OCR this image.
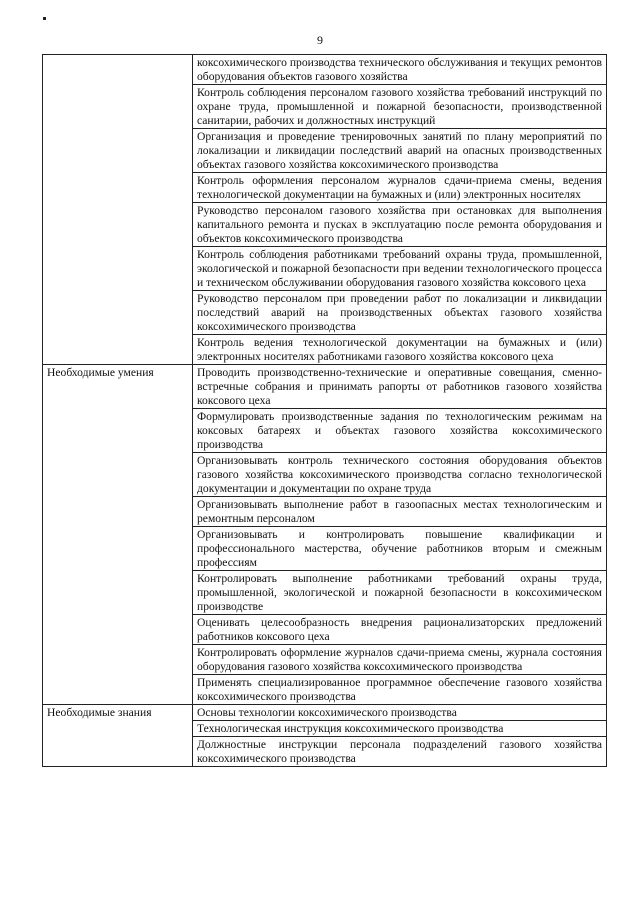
9
	коксохимического производства технического обслуживания и текущих ремонтов оборудования объектов газового хозяйства
	Контроль соблюдения персоналом газового хозяйства требований инструкций по охране труда, промышленной и пожарной безопасности, производственной санитарии, рабочих и должностных инструкций
	Организация и проведение тренировочных занятий по плану мероприятий по локализации и ликвидации последствий аварий на опасных производственных объектах газового хозяйства коксохимического производства
	Контроль оформления персоналом журналов сдачи-приема смены, ведения технологической документации на бумажных и (или) электронных носителях
	Руководство персоналом газового хозяйства при остановках для выполнения капитального ремонта и пусках в эксплуатацию после ремонта оборудования и объектов коксохимического производства
	Контроль соблюдения работниками требований охраны труда, промышленной, экологической и пожарной безопасности при ведении технологического процесса и техническом обслуживании оборудования газового хозяйства коксового цеха
	Руководство персоналом при проведении работ по локализации и ликвидации последствий аварий на производственных объектах газового хозяйства коксохимического производства
	Контроль ведения технологической документации на бумажных и (или) электронных носителях работниками газового хозяйства коксового цеха
Необходимые умения	Проводить производственно-технические и оперативные совещания, сменно-встречные собрания и принимать рапорты от работников газового хозяйства коксового цеха
	Формулировать производственные задания по технологическим режимам на коксовых батареях и объектах газового хозяйства коксохимического производства
	Организовывать контроль технического состояния оборудования объектов газового хозяйства коксохимического производства согласно технологической документации и документации по охране труда
	Организовывать выполнение работ в газоопасных местах технологическим и ремонтным персоналом
	Организовывать и контролировать повышение квалификации и профессионального мастерства, обучение работников вторым и смежным профессиям
	Контролировать выполнение работниками требований охраны труда, промышленной, экологической и пожарной безопасности в коксохимическом производстве
	Оценивать целесообразность внедрения рационализаторских предложений работников коксового цеха
	Контролировать оформление журналов сдачи-приема смены, журнала состояния оборудования газового хозяйства коксохимического производства
	Применять специализированное программное обеспечение газового хозяйства коксохимического производства
Необходимые знания	Основы технологии коксохимического производства
	Технологическая инструкция коксохимического производства
	Должностные инструкции персонала подразделений газового хозяйства коксохимического производства
